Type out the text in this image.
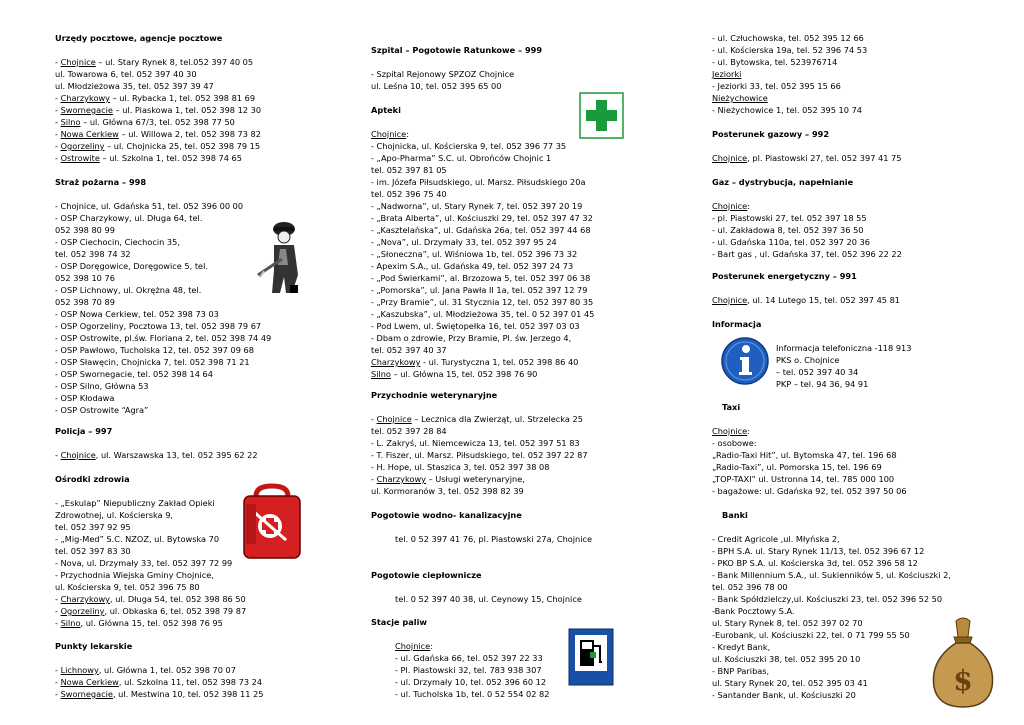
Urzędy pocztowe, agencje pocztowe
- Chojnice – ul. Stary Rynek 8, tel.052 397 40 05
ul. Towarowa 6, tel. 052 397 40 30
ul. Młodzieżowa 35, tel. 052 397 39 47
- Charzykowy – ul. Rybacka 1, tel. 052 398 81 69
- Swornegacie – ul. Piaskowa 1, tel. 052 398 12 30
- Silno – ul. Główna 67/3, tel. 052 398 77 50
- Nowa Cerkiew – ul. Willowa 2, tel. 052 398 73 82
- Ogorzeliny – ul. Chojnicka 25, tel. 052 398 79 15
- Ostrowite – ul. Szkolna 1, tel. 052 398 74 65
Straż pożarna – 998
- Chojnice, ul. Gdańska 51, tel. 052 396 00 00
- OSP Charzykowy, ul. Długa 64, tel.
052 398 80 99
- OSP Ciechocin, Ciechocin 35,
tel. 052 398 74 32
- OSP Doręgowice, Doręgowice 5, tel.
052 398 10 76
- OSP Lichnowy, ul. Okrężna 48, tel.
052 398 70 89
- OSP Nowa Cerkiew, tel. 052 398 73 03
- OSP Ogorzeliny, Pocztowa 13, tel. 052 398 79 67
- OSP Ostrowite, pl.św. Floriana 2, tel. 052 398 74 49
- OSP Pawłowo, Tucholska 12, tel. 052 397 09 68
- OSP Sławęcin, Chojnicka 7, tel. 052 398 71 21
- OSP Swornegacie, tel. 052 398 14 64
- OSP Silno, Główna 53
- OSP Kłodawa
- OSP Ostrowite “Agra”
Policja – 997
- Chojnice, ul. Warszawska 13, tel. 052 395 62 22
Ośrodki zdrowia
- „Eskulap” Niepubliczny Zakład Opieki
Zdrowotnej, ul. Kościerska 9,
tel. 052 397 92 95
- „Mig-Med” S.C. NZOZ, ul. Bytowska 70
tel. 052 397 83 30
- Nova, ul. Drzymały 33, tel. 052 397 72 99
- Przychodnia Wiejska Gminy Chojnice,
ul. Kościerska 9, tel. 052 396 75 80
- Charzykowy, ul. Długa 54, tel. 052 398 86 50
- Ogorzeliny, ul. Obkaska 6, tel. 052 398 79 87
- Silno, ul. Główna 15, tel. 052 398 76 95
Punkty lekarskie
- Lichnowy, ul. Główna 1, tel. 052 398 70 07
- Nowa Cerkiew, ul. Szkolna 11, tel. 052 398 73 24
- Swornegacie, ul. Mestwina 10, tel. 052 398 11 25
Szpital – Pogotowie Ratunkowe – 999
- Szpital Rejonowy SPZOZ Chojnice
ul. Leśna 10, tel. 052 395 65 00
Apteki
Chojnice:
- Chojnicka, ul. Kościerska 9, tel. 052 396 77 35
- „Apo-Pharma” S.C. ul. Obrońców Chojnic 1
tel. 052 397 81 05
- im. Józefa Piłsudskiego, ul. Marsz. Piłsudskiego 20a
tel. 052 396 75 40
- „Nadworna”, ul. Stary Rynek 7, tel. 052 397 20 19
- „Brata Alberta”, ul. Kościuszki 29, tel. 052 397 47 32
- „Kasztelańska”, ul. Gdańska 26a, tel. 052 397 44 68
- „Nova”, ul. Drzymały 33, tel. 052 397 95 24
- „Słoneczna”, ul. Wiśniowa 1b, tel. 052 396 73 32
- Apexim S.A., ul. Gdańska 49, tel. 052 397 24 73
- „Pod Świerkami”, al. Brzozowa 5, tel. 052 397 06 38
- „Pomorska”, ul. Jana Pawła II 1a, tel. 052 397 12 79
- „Przy Bramie”, ul. 31 Stycznia 12, tel. 052 397 80 35
- „Kaszubska”, ul. Młodzieżowa 35, tel. 0 52 397 01 45
- Pod Lwem, ul. Świętopełka 16, tel. 052 397 03 03
- Dbam o zdrowie, Przy Bramie, Pl. św. Jerzego 4,
tel. 052 397 40 37
Charzykowy - ul. Turystyczna 1, tel. 052 398 86 40
Silno – ul. Główna 15, tel. 052 398 76 90
Przychodnie weterynaryjne
- Chojnice – Lecznica dla Zwierząt, ul. Strzelecka 25
tel. 052 397 28 84
- L. Zakryś, ul. Niemcewicza 13, tel. 052 397 51 83
- T. Fiszer, ul. Marsz. Piłsudskiego, tel. 052 397 22 87
- H. Hope, ul. Staszica 3, tel. 052 397 38 08
- Charzykowy – Usługi weterynaryjne,
ul. Kormoranów 3, tel. 052 398 82 39
Pogotowie wodno- kanalizacyjne
tel. 0 52 397 41 76, pl. Piastowski 27a, Chojnice
Pogotowie ciepłownicze
tel. 0 52 397 40 38, ul. Ceynowy 15, Chojnice
Stacje paliw
Chojnice:
- ul. Gdańska 66, tel. 052 397 22 33
- Pl. Piastowski 32, tel. 783 938 307
- ul. Drzymały 10, tel. 052 396 60 12
- ul. Tucholska 1b, tel. 0 52 554 02 82
- ul. Człuchowska, tel. 052 395 12 66
- ul. Kościerska 19a, tel. 52 396 74 53
- ul. Bytowska, tel. 523976714
Jeziorki
- Jeziorki 33, tel. 052 395 15 66
Nieżychowice
- Nieżychowice 1, tel. 052 395 10 74
Posterunek gazowy – 992
Chojnice, pl. Piastowski 27, tel. 052 397 41 75
Gaz – dystrybucja, napełnianie
Chojnice:
- pl. Piastowski 27, tel. 052 397 18 55
- ul. Zakładowa 8, tel. 052 397 36 50
- ul. Gdańska 110a, tel. 052 397 20 36
- Bart gas , ul. Gdańska 37, tel. 052 396 22 22
Posterunek energetyczny – 991
Chojnice, ul. 14 Lutego 15, tel. 052 397 45 81
Informacja
Informacja telefoniczna -118 913
PKS o. Chojnice
– tel. 052 397 40 34
PKP – tel. 94 36, 94 91
Taxi
Chojnice:
- osobowe:
„Radio-Taxi Hit”, ul. Bytomska 47, tel. 196 68
„Radio-Taxi”, ul. Pomorska 15, tel. 196 69
„TOP-TAXI” ul. Ustronna 14, tel. 785 000 100
- bagażowe: ul. Gdańska 92, tel. 052 397 50 06
Banki
- Credit Agricole ,ul. Młyńska 2,
- BPH S.A. ul. Stary Rynek 11/13, tel. 052 396 67 12
- PKO BP S.A. ul. Kościerska 3d, tel. 052 396 58 12
- Bank Millennium S.A., ul. Sukienników 5, ul. Kościuszki 2,
tel. 052 396 78 00
- Bank Spółdzielczy,ul. Kościuszki 23, tel. 052 396 52 50
-Bank Pocztowy S.A.
ul. Stary Rynek 8, tel. 052 397 02 70
-Eurobank, ul. Kościuszki 22, tel. 0 71 799 55 50
- Kredyt Bank,
ul. Kościuszki 38, tel. 052 395 20 10
- BNP Paribas,
ul. Stary Rynek 20, tel. 052 395 03 41
- Santander Bank, ul. Kościuszki 20	$
